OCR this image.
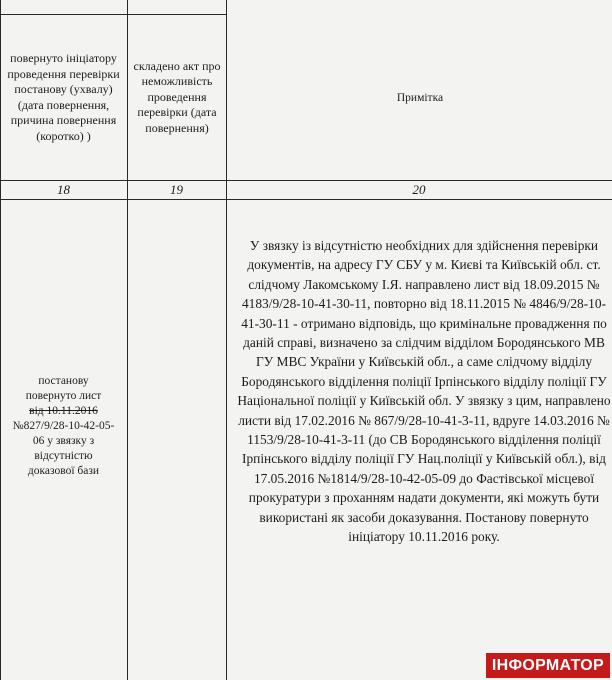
повернуто ініціатору проведення перевірки постанову (ухвалу) (дата повернення, причина повернення (коротко) )
складено акт про неможливість проведення перевірки (дата повернення)
Примітка
18	19	20
постанову
повернуто лист
від 10.11.2016
№827/9/28-10-42-05-
06 у звязку з
відсутністю
доказової бази
У звязку із відсутністю необхідних для здійснення перевірки документів, на адресу ГУ СБУ у м. Києві та Київській обл. ст. слідчому Лакомському І.Я. направлено лист від 18.09.2015 № 4183/9/28-10-41-30-11, повторно від 18.11.2015 № 4846/9/28-10-41-30-11 - отримано відповідь, що кримінальне провадження по даній справі, визначено за слідчим відділом Бородянського МВ ГУ МВС України у Київській обл., а саме слідчому відділу Бородянського відділення поліції Ірпінського відділу поліції ГУ Національної поліції у Київській обл. У звязку з цим, направлено листи від 17.02.2016 № 867/9/28-10-41-3-11, вдруге 14.03.2016 № 1153/9/28-10-41-3-11 (до СВ Бородянського відділення поліції Ірпінського відділу поліції ГУ Нац.поліції у Київській обл.), від 17.05.2016 №1814/9/28-10-42-05-09 до Фастівської місцевої прокуратури з проханням надати документи, які можуть бути використані як засоби доказування. Постанову повернуто ініціатору 10.11.2016 року.
ІНФОРМАТОР
